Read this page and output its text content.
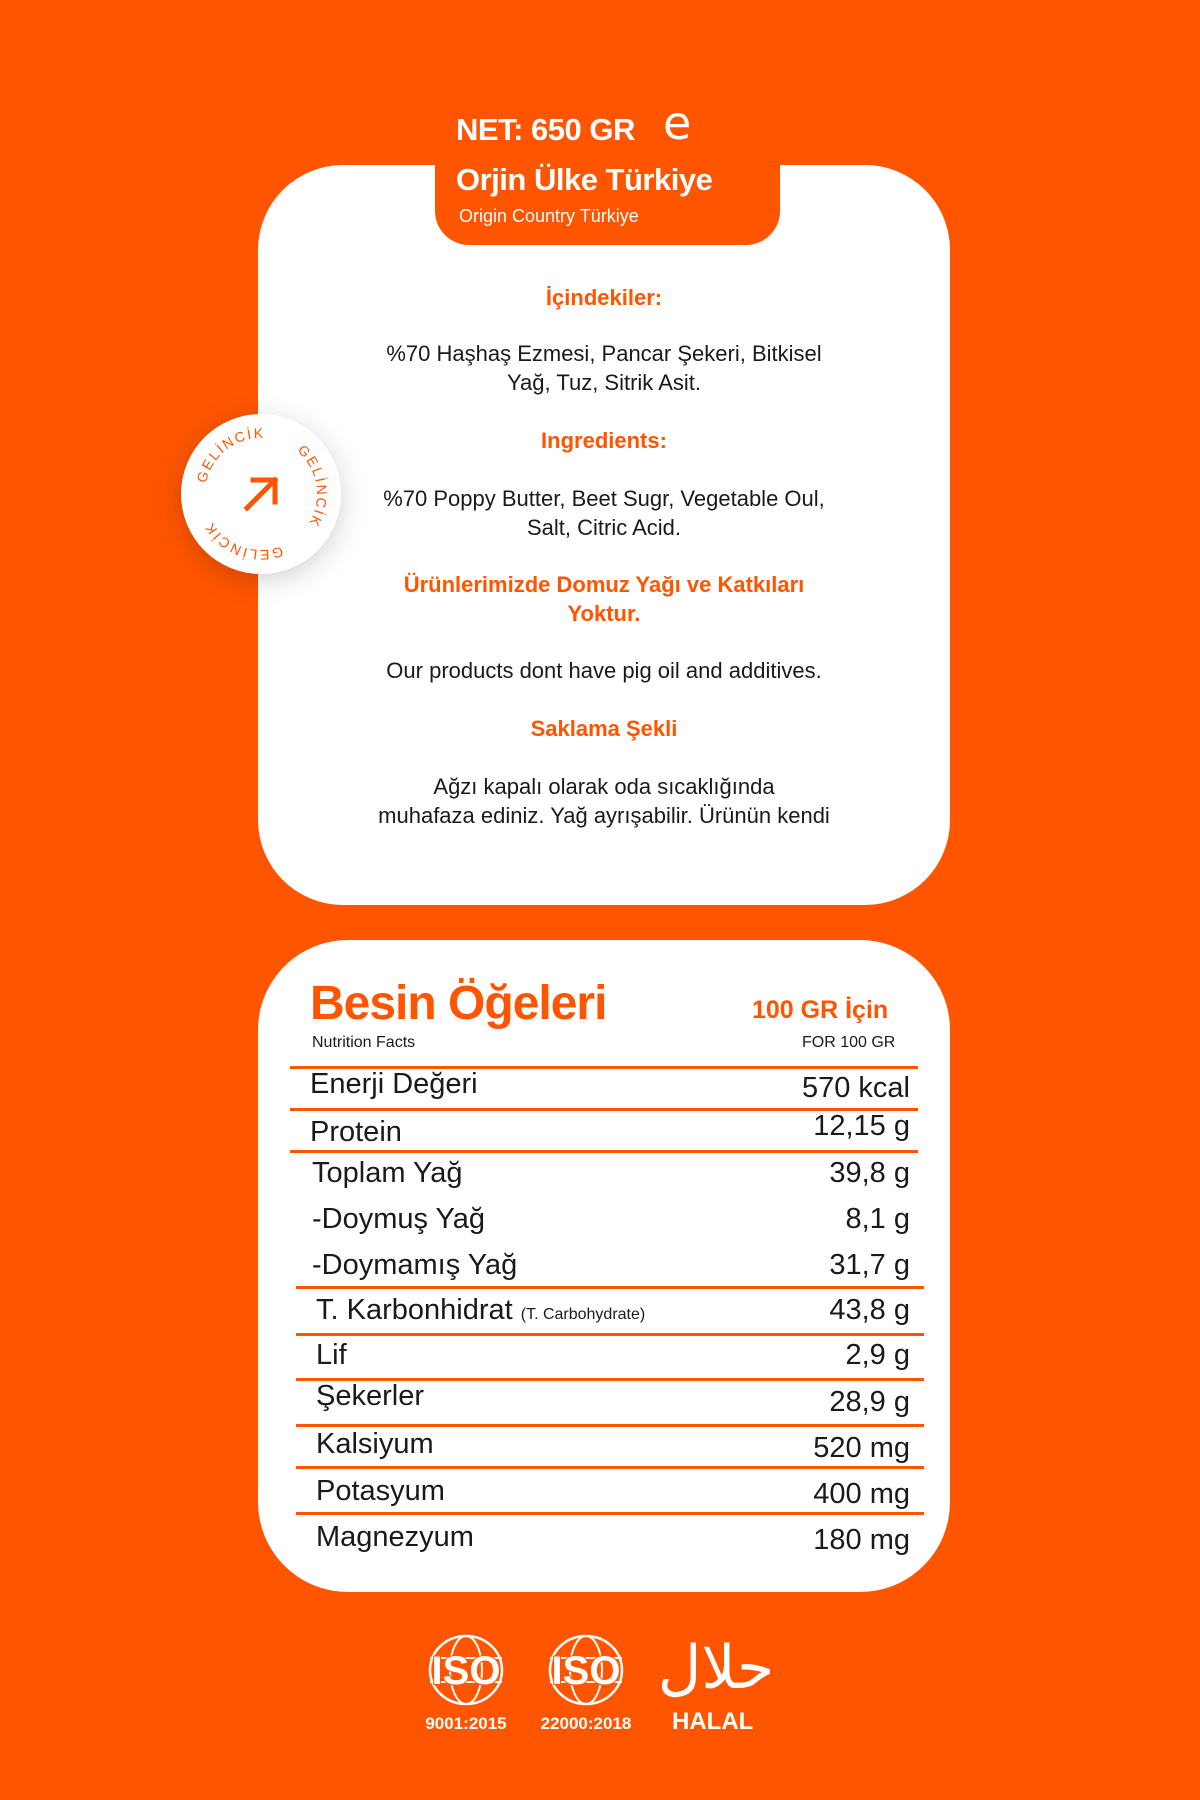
NET: 650 GR e
Orjin Ülke Türkiye
Origin Country Türkiye
İçindekiler:
%70 Haşhaş Ezmesi, Pancar Şekeri, Bitkisel
Yağ, Tuz, Sitrik Asit.
Ingredients:
%70 Poppy Butter, Beet Sugr, Vegetable Oul,
Salt, Citric Acid.
Ürünlerimizde Domuz Yağı ve Katkıları
Yoktur.
Our products dont have pig oil and additives.
Saklama Şekli
Ağzı kapalı olarak oda sıcaklığında
muhafaza ediniz. Yağ ayrışabilir. Ürünün kendi
GELİNCİK
GELİNCİK
GELİNCİK
Besin Öğeleri
Nutrition Facts
100 GR İçin
FOR 100 GR
Enerji Değeri	570 kcal
Protein	12,15 g
Toplam Yağ	39,8 g
-Doymuş Yağ	8,1 g
-Doymamış Yağ	31,7 g
T. Karbonhidrat (T. Carbohydrate)	43,8 g
Lif	2,9 g
Şekerler	28,9 g
Kalsiyum	520 mg
Potasyum	400 mg
Magnezyum	180 mg
ISO
9001:2015
ISO
22000:2018
حلال
HALAL
